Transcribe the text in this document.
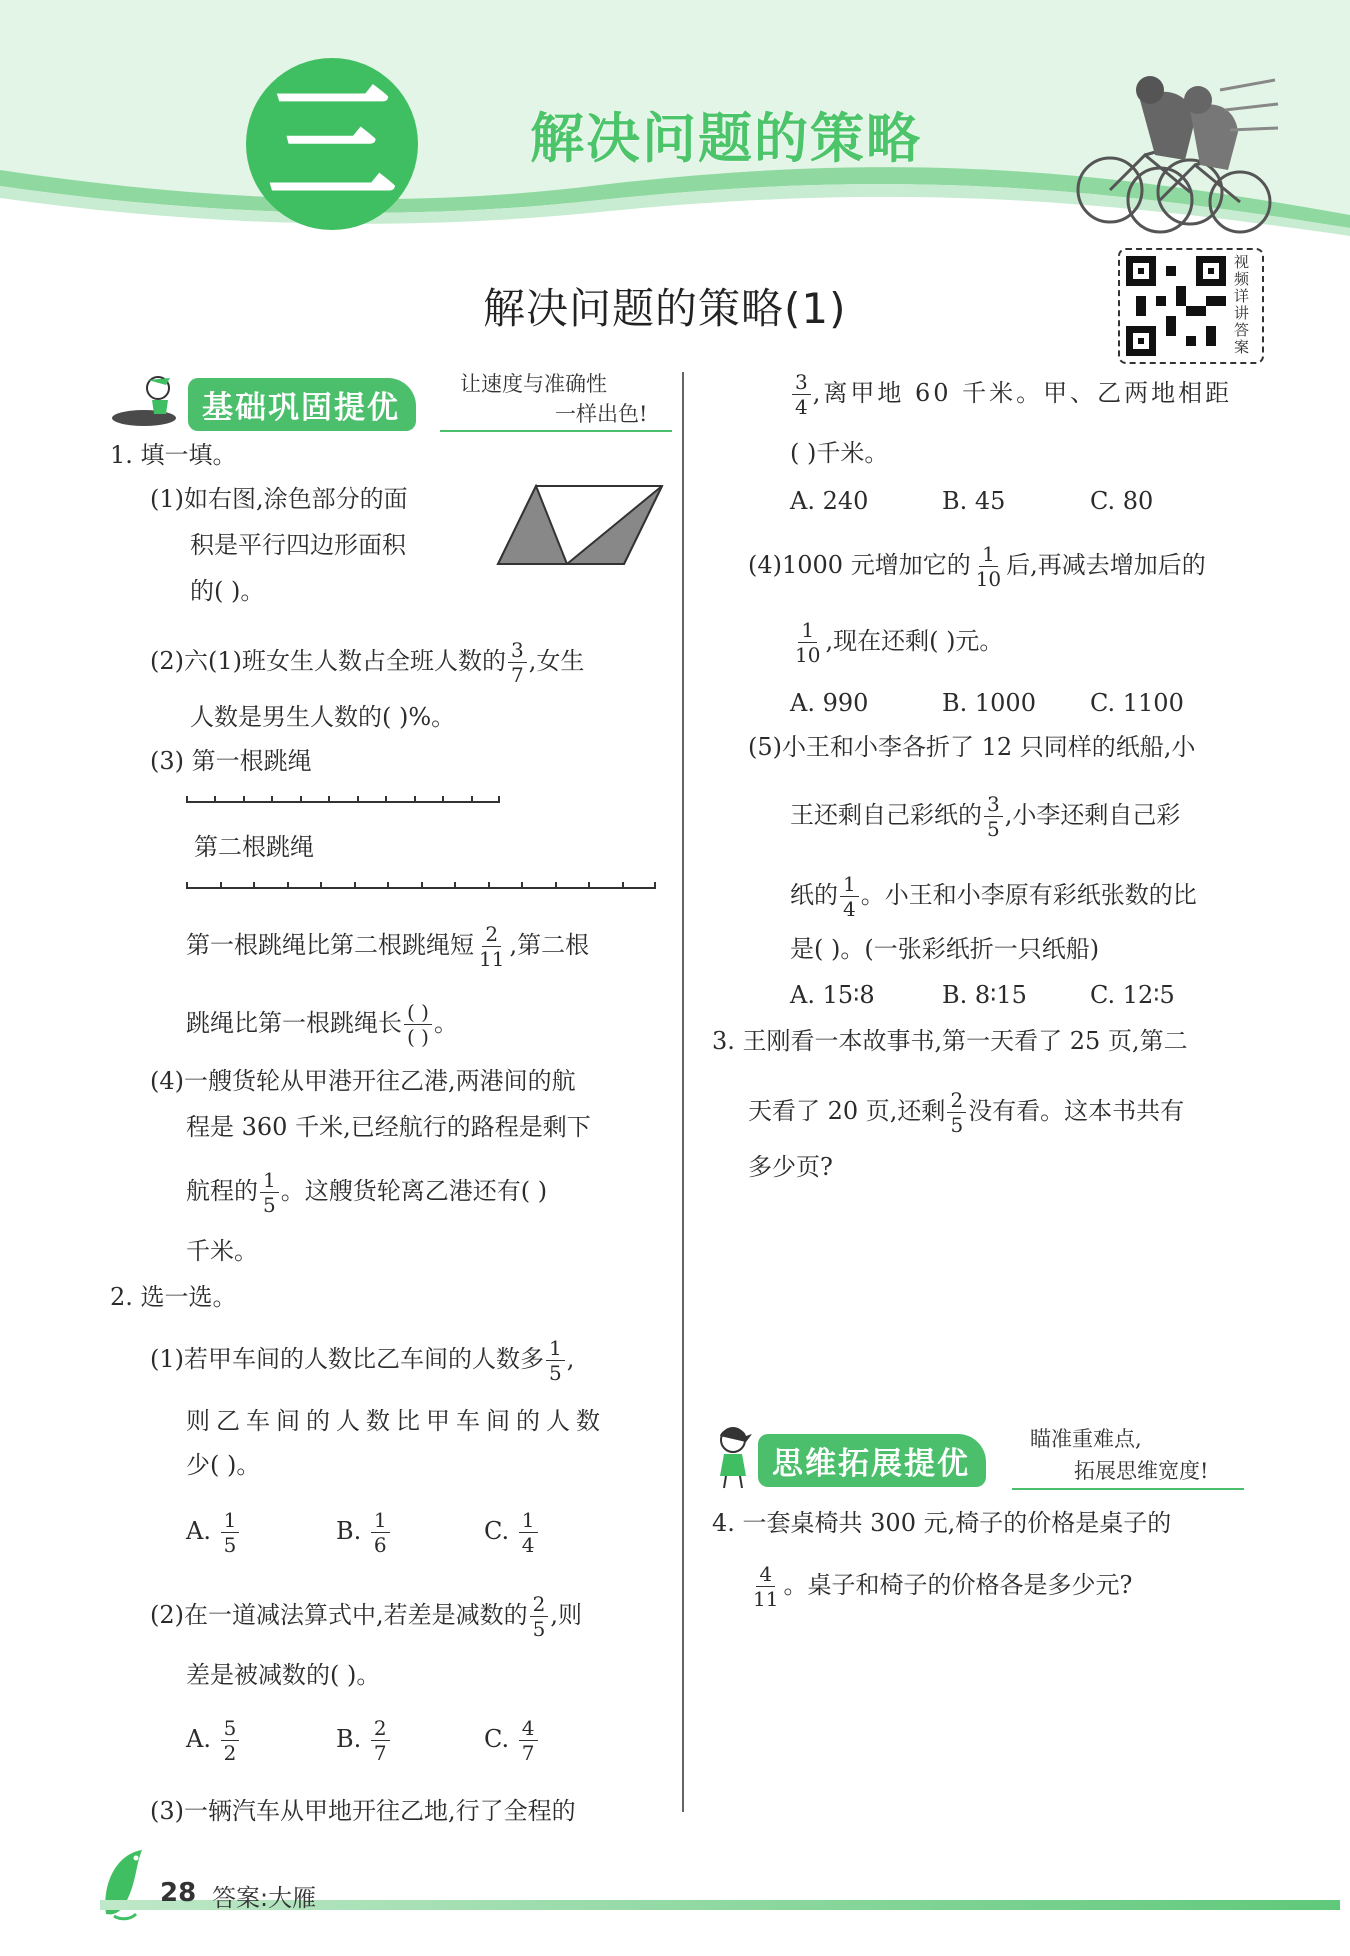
三	解决问题的策略
解决问题的策略(1)
视频详讲答案
基础巩固提优
让速度与准确性
一样出色!
1. 填一填。
(1)如右图,涂色部分的面
积是平行四边形面积
的( )。
(2)六(1)班女生人数占全班人数的 $\frac{3}{7}$ ,女生
人数是男生人数的( )%。
(3) 第一根跳绳
第二根跳绳
第一根跳绳比第二根跳绳短 $\frac{2}{11}$ ,第二根
跳绳比第一根跳绳长 $\frac{( )}{( )}$ 。
(4)一艘货轮从甲港开往乙港,两港间的航
程是 360 千米,已经航行的路程是剩下
航程的 $\frac{1}{5}$ 。这艘货轮离乙港还有( )
千米。
2. 选一选。
(1)若甲车间的人数比乙车间的人数多 $\frac{1}{5}$ ,
则乙车间的人数比甲车间的人数
少( )。
A. $\frac{1}{5}$	B. $\frac{1}{6}$	C. $\frac{1}{4}$
(2)在一道减法算式中,若差是减数的 $\frac{2}{5}$ ,则
差是被减数的( )。
A. $\frac{5}{2}$	B. $\frac{2}{7}$	C. $\frac{4}{7}$
(3)一辆汽车从甲地开往乙地,行了全程的
$\frac{3}{4}$ ,离甲地 60 千米。甲、乙两地相距
( )千米。
A. 240	B. 45	C. 80
(4)1000 元增加它的 $\frac{1}{10}$ 后,再减去增加后的
$\frac{1}{10}$ ,现在还剩( )元。
A. 990	B. 1000 C. 1100
(5)小王和小李各折了 12 只同样的纸船,小
王还剩自己彩纸的 $\frac{3}{5}$ ,小李还剩自己彩
纸的 $\frac{1}{4}$ 。小王和小李原有彩纸张数的比
是( )。(一张彩纸折一只纸船)
A. 15∶8	B. 8∶15	C. 12∶5
3. 王刚看一本故事书,第一天看了 25 页,第二
天看了 20 页,还剩 $\frac{2}{5}$ 没有看。这本书共有
多少页?
思维拓展提优
瞄准重难点,
拓展思维宽度!
4. 一套桌椅共 300 元,椅子的价格是桌子的
$\frac{4}{11}$ 。桌子和椅子的价格各是多少元?
28 答案:大雁
